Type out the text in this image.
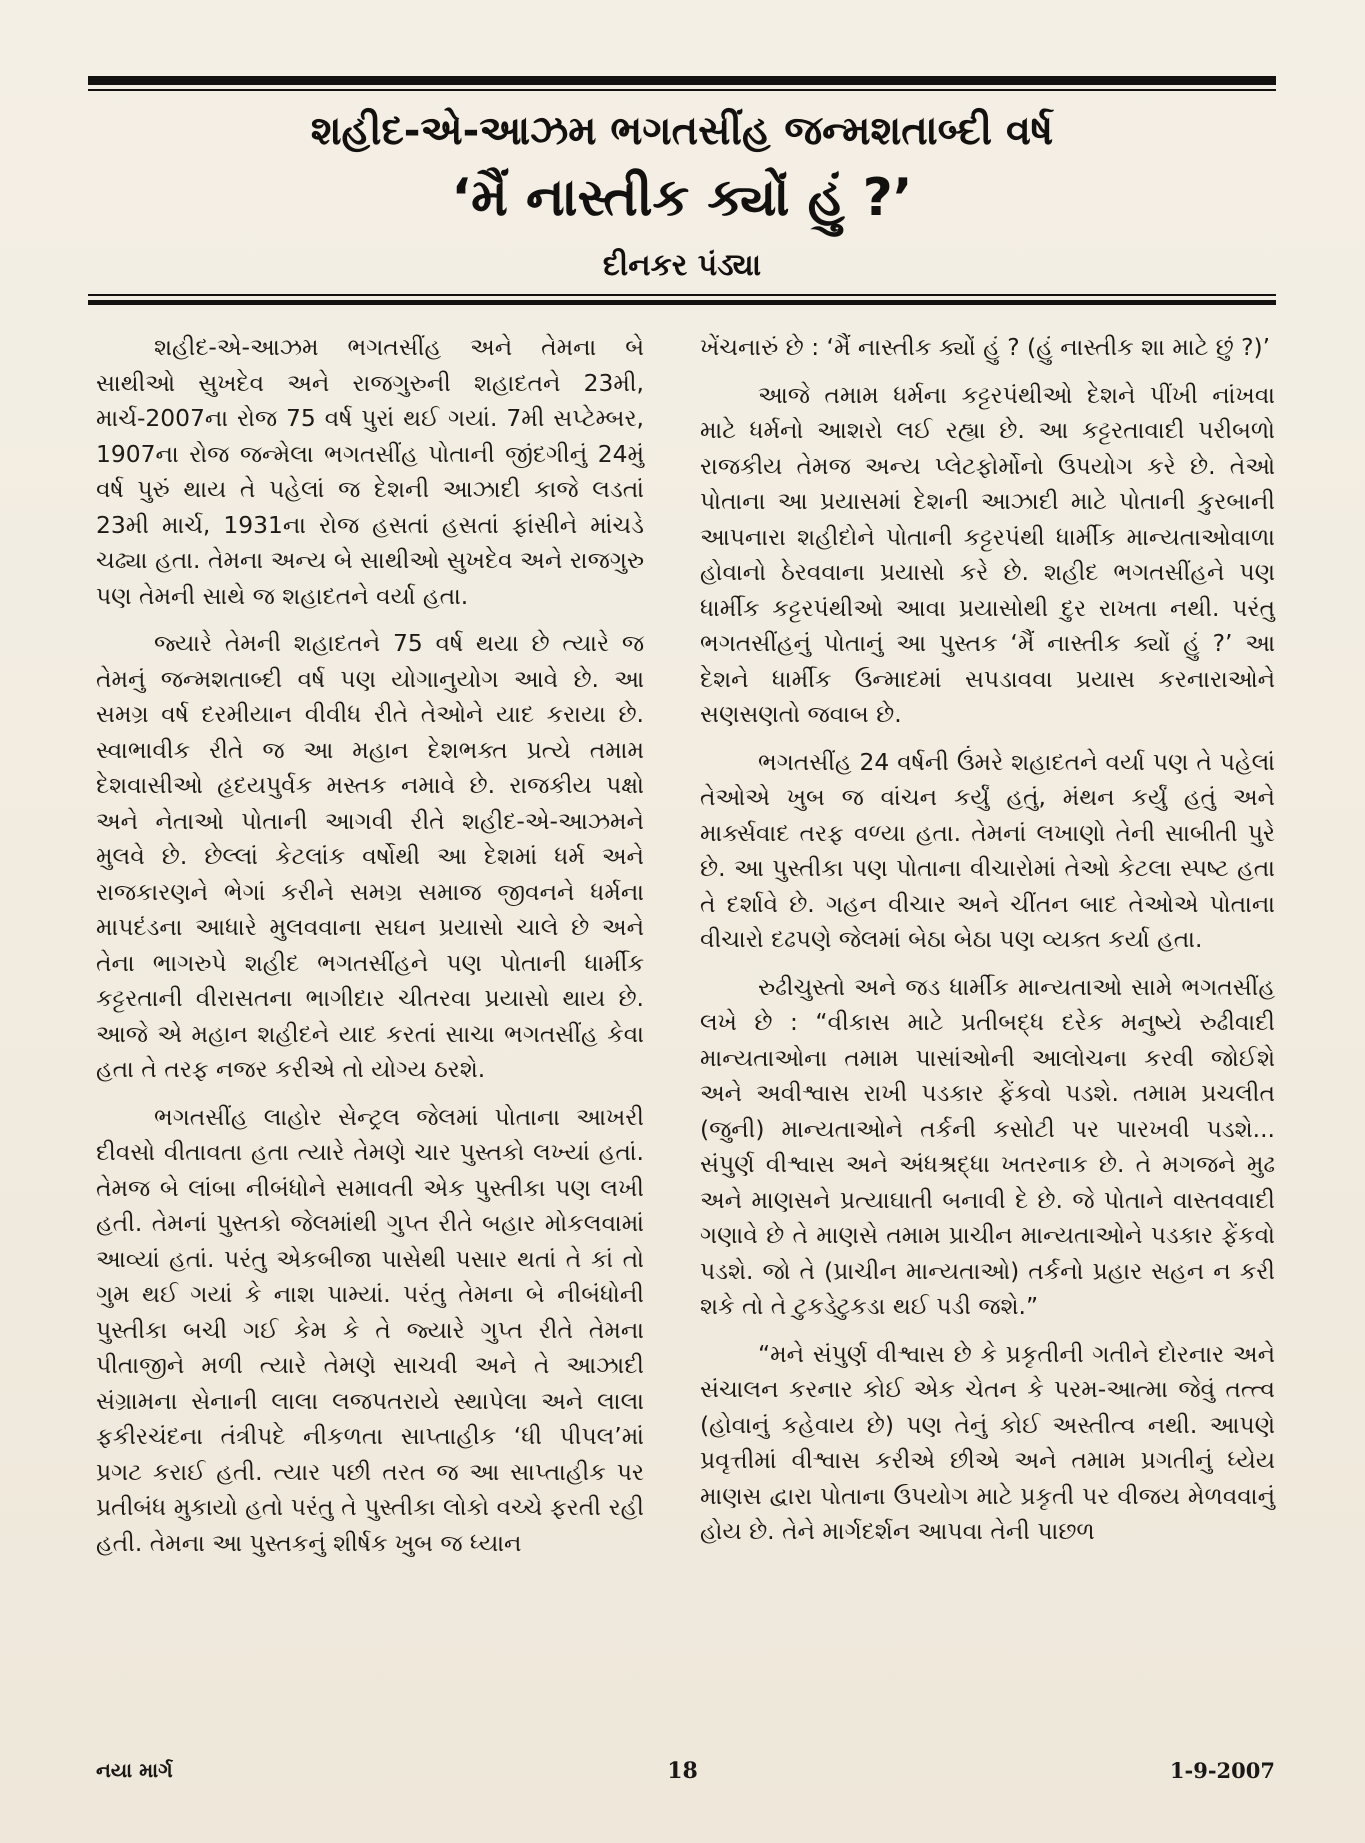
શહીદ-એ-આઝમ ભગતસીંહ જન્મશતાબ્દી વર્ષ
‘મૈં નાસ્તીક ક્યોં હું ?’
દીનકર પંડ્યા

શહીદ-એ-આઝમ ભગતસીંહ અને તેમના બે સાથીઓ સુખદેવ અને રાજગુરુની શહાદતને 23મી, માર્ચ-2007ના રોજ 75 વર્ષ પુરાં થઈ ગયાં. 7મી સપ્ટેમ્બર, 1907ના રોજ જન્મેલા ભગતસીંહ પોતાની જીંદગીનું 24મું વર્ષ પુરું થાય તે પહેલાં જ દેશની આઝાદી કાજે લડતાં 23મી માર્ચ, 1931ના રોજ હસતાં હસતાં ફાંસીને માંચડે ચઢ્યા હતા. તેમના અન્ય બે સાથીઓ સુખદેવ અને રાજગુરુ પણ તેમની સાથે જ શહાદતને વર્યા હતા.

જ્યારે તેમની શહાદતને 75 વર્ષ થયા છે ત્યારે જ તેમનું જન્મશતાબ્દી વર્ષ પણ યોગાનુયોગ આવે છે. આ સમગ્ર વર્ષ દરમીયાન વીવીધ રીતે તેઓને યાદ કરાયા છે. સ્વાભાવીક રીતે જ આ મહાન દેશભક્ત પ્રત્યે તમામ દેશવાસીઓ હૃદયપુર્વક મસ્તક નમાવે છે. રાજકીય પક્ષો અને નેતાઓ પોતાની આગવી રીતે શહીદ-એ-આઝમને મુલવે છે. છેલ્લાં કેટલાંક વર્ષોથી આ દેશમાં ધર્મ અને રાજકારણને ભેગાં કરીને સમગ્ર સમાજ જીવનને ધર્મના માપદંડના આધારે મુલવવાના સઘન પ્રયાસો ચાલે છે અને તેના ભાગરુપે શહીદ ભગતસીંહને પણ પોતાની ધાર્મીક કટ્ટરતાની વીરાસતના ભાગીદાર ચીતરવા પ્રયાસો થાય છે. આજે એ મહાન શહીદને યાદ કરતાં સાચા ભગતસીંહ કેવા હતા તે તરફ નજર કરીએ તો યોગ્ય ઠરશે.

ભગતસીંહ લાહોર સેન્ટ્રલ જેલમાં પોતાના આખરી દીવસો વીતાવતા હતા ત્યારે તેમણે ચાર પુસ્તકો લખ્યાં હતાં. તેમજ બે લાંબા નીબંધોને સમાવતી એક પુસ્તીકા પણ લખી હતી. તેમનાં પુસ્તકો જેલમાંથી ગુપ્ત રીતે બહાર મોકલવામાં આવ્યાં હતાં. પરંતુ એકબીજા પાસેથી પસાર થતાં તે કાં તો ગુમ થઈ ગયાં કે નાશ પામ્યાં. પરંતુ તેમના બે નીબંધોની પુસ્તીકા બચી ગઈ કેમ કે તે જ્યારે ગુપ્ત રીતે તેમના પીતાજીને મળી ત્યારે તેમણે સાચવી અને તે આઝાદી સંગ્રામના સેનાની લાલા લજપતરાયે સ્થાપેલા અને લાલા ફકીરચંદના તંત્રીપદે નીકળતા સાપ્તાહીક ‘ધી પીપલ’માં પ્રગટ કરાઈ હતી. ત્યાર પછી તરત જ આ સાપ્તાહીક પર પ્રતીબંધ મુકાયો હતો પરંતુ તે પુસ્તીકા લોકો વચ્ચે ફરતી રહી હતી. તેમના આ પુસ્તકનું શીર્ષક ખુબ જ ધ્યાન

ખેંચનારું છે : ‘મૈં નાસ્તીક ક્યોં હું ? (હું નાસ્તીક શા માટે છું ?)’

આજે તમામ ધર્મના કટ્ટરપંથીઓ દેશને પીંખી નાંખવા માટે ધર્મનો આશરો લઈ રહ્યા છે. આ કટ્ટરતાવાદી પરીબળો રાજકીય તેમજ અન્ય પ્લેટફોર્મોનો ઉપયોગ કરે છે. તેઓ પોતાના આ પ્રયાસમાં દેશની આઝાદી માટે પોતાની કુરબાની આપનારા શહીદોને પોતાની કટ્ટરપંથી ધાર્મીક માન્યતાઓવાળા હોવાનો ઠેરવવાના પ્રયાસો કરે છે. શહીદ ભગતસીંહને પણ ધાર્મીક કટ્ટરપંથીઓ આવા પ્રયાસોથી દુર રાખતા નથી. પરંતુ ભગતસીંહનું પોતાનું આ પુસ્તક ‘મૈં નાસ્તીક ક્યોં હું ?’ આ દેશને ધાર્મીક ઉન્માદમાં સપડાવવા પ્રયાસ કરનારાઓને સણસણતો જવાબ છે.

ભગતસીંહ 24 વર્ષની ઉંમરે શહાદતને વર્યા પણ તે પહેલાં તેઓએ ખુબ જ વાંચન કર્યું હતું, મંથન કર્યું હતું અને માર્ક્સવાદ તરફ વળ્યા હતા. તેમનાં લખાણો તેની સાબીતી પુરે છે. આ પુસ્તીકા પણ પોતાના વીચારોમાં તેઓ કેટલા સ્પષ્ટ હતા તે દર્શાવે છે. ગહન વીચાર અને ચીંતન બાદ તેઓએ પોતાના વીચારો દઢપણે જેલમાં બેઠા બેઠા પણ વ્યક્ત કર્યા હતા.

રુઢીચુસ્તો અને જડ ધાર્મીક માન્યતાઓ સામે ભગતસીંહ લખે છે : “વીકાસ માટે પ્રતીબદ્ધ દરેક મનુષ્યે રુઢીવાદી માન્યતાઓના તમામ પાસાંઓની આલોચના કરવી જોઈશે અને અવીશ્વાસ રાખી પડકાર ફેંકવો પડશે. તમામ પ્રચલીત (જુની) માન્યતાઓને તર્કની કસોટી પર પારખવી પડશે... સંપુર્ણ વીશ્વાસ અને અંધશ્રદ્ધા ખતરનાક છે. તે મગજને મુઢ અને માણસને પ્રત્યાઘાતી બનાવી દે છે. જે પોતાને વાસ્તવવાદી ગણાવે છે તે માણસે તમામ પ્રાચીન માન્યતાઓને પડકાર ફેંકવો પડશે. જો તે (પ્રાચીન માન્યતાઓ) તર્કનો પ્રહાર સહન ન કરી શકે તો તે ટુકડેટુકડા થઈ પડી જશે.”

“મને સંપુર્ણ વીશ્વાસ છે કે પ્રકૃતીની ગતીને દોરનાર અને સંચાલન કરનાર કોઈ એક ચેતન કે પરમ-આત્મા જેવું તત્ત્વ (હોવાનું કહેવાય છે) પણ તેનું કોઈ અસ્તીત્વ નથી. આપણે પ્રવૃત્તીમાં વીશ્વાસ કરીએ છીએ અને તમામ પ્રગતીનું ધ્યેય માણસ દ્વારા પોતાના ઉપયોગ માટે પ્રકૃતી પર વીજય મેળવવાનું હોય છે. તેને માર્ગદર્શન આપવા તેની પાછળ

નયા માર્ગ	18	1-9-2007
